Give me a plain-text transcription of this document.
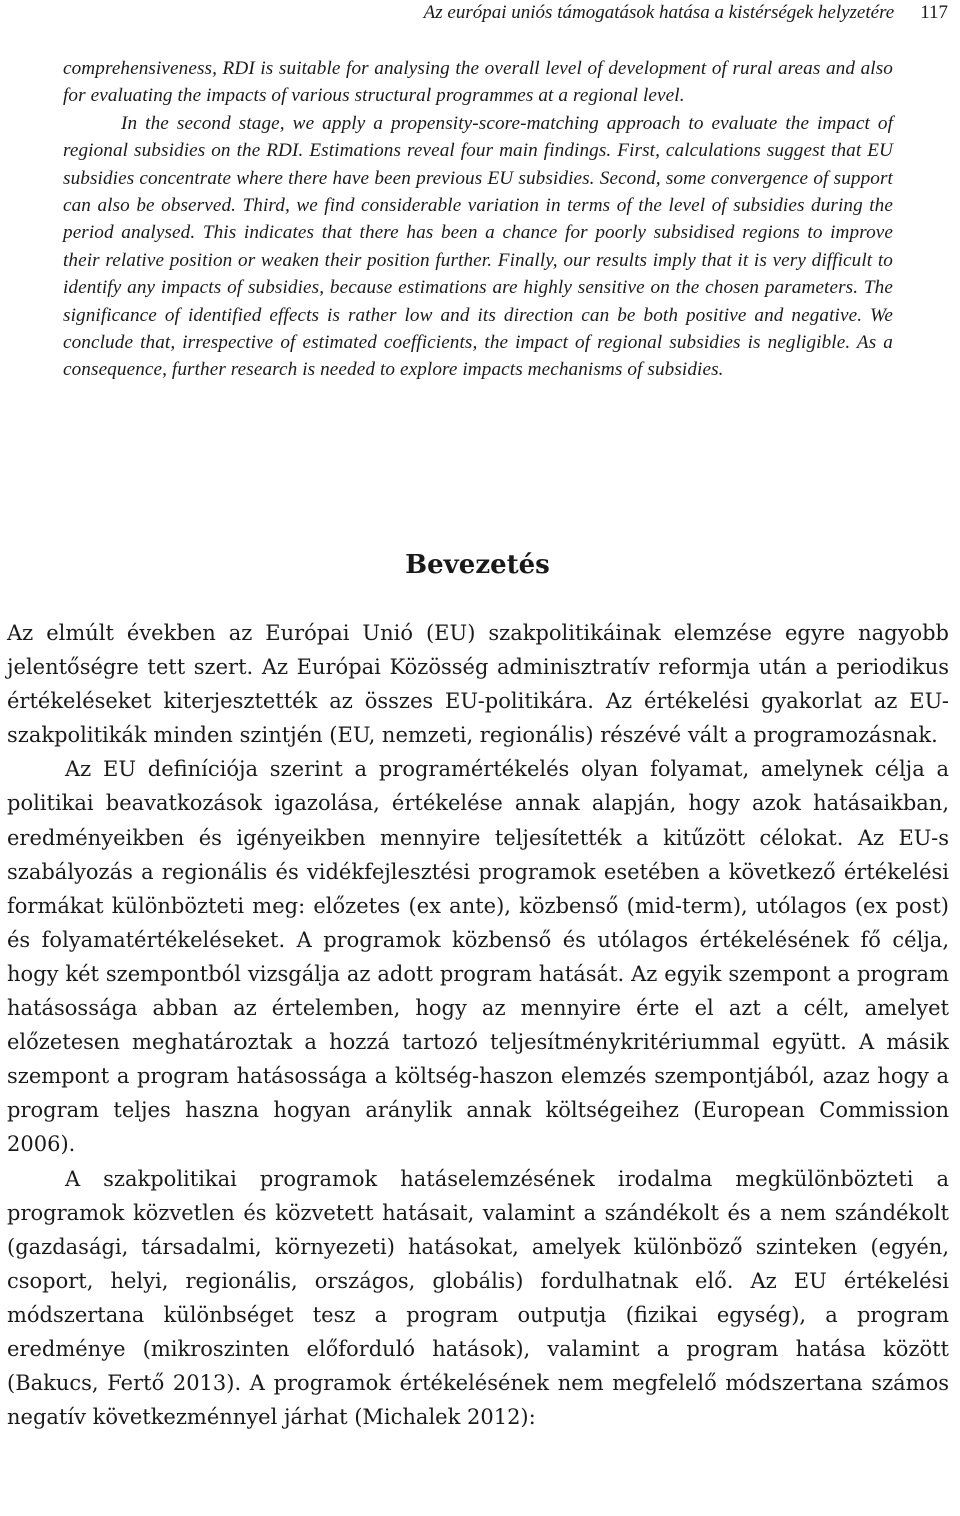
Az európai uniós támogatások hatása a kistérségek helyzetére 117

comprehensiveness, RDI is suitable for analysing the overall level of development of rural areas and also for evaluating the impacts of various structural programmes at a regional level.

In the second stage, we apply a propensity-score-matching approach to evaluate the impact of regional subsidies on the RDI. Estimations reveal four main findings. First, calculations suggest that EU subsidies concentrate where there have been previous EU subsidies. Second, some convergence of support can also be observed. Third, we find considerable variation in terms of the level of subsidies during the period analysed. This indicates that there has been a chance for poorly subsidised regions to improve their relative position or weaken their position further. Finally, our results imply that it is very difficult to identify any impacts of subsidies, because estimations are highly sensitive on the chosen parameters. The significance of identified effects is rather low and its direction can be both positive and negative. We conclude that, irrespective of estimated coefficients, the impact of regional subsidies is negligible. As a consequence, further research is needed to explore impacts mechanisms of subsidies.

Bevezetés

Az elmúlt években az Európai Unió (EU) szakpolitikáinak elemzése egyre nagyobb jelentőségre tett szert. Az Európai Közösség adminisztratív reformja után a periodikus értékeléseket kiterjesztették az összes EU-politikára. Az értékelési gyakorlat az EU-szakpolitikák minden szintjén (EU, nemzeti, regionális) részévé vált a programozásnak.

Az EU definíciója szerint a programértékelés olyan folyamat, amelynek célja a politikai beavatkozások igazolása, értékelése annak alapján, hogy azok hatásaikban, eredményeikben és igényeikben mennyire teljesítették a kitűzött célokat. Az EU-s szabályozás a regionális és vidékfejlesztési programok esetében a következő értékelési formákat különbözteti meg: előzetes (ex ante), közbenső (mid-term), utólagos (ex post) és folyamatértékeléseket. A programok közbenső és utólagos értékelésének fő célja, hogy két szempontból vizsgálja az adott program hatását. Az egyik szempont a program hatásossága abban az értelemben, hogy az mennyire érte el azt a célt, amelyet előzetesen meghatároztak a hozzá tartozó teljesítménykritériummal együtt. A másik szempont a program hatásossága a költség-haszon elemzés szempontjából, azaz hogy a program teljes haszna hogyan aránylik annak költségeihez (European Commission 2006).

A szakpolitikai programok hatáselemzésének irodalma megkülönbözteti a programok közvetlen és közvetett hatásait, valamint a szándékolt és a nem szándékolt (gazdasági, társadalmi, környezeti) hatásokat, amelyek különböző szinteken (egyén, csoport, helyi, regionális, országos, globális) fordulhatnak elő. Az EU értékelési módszertana különbséget tesz a program outputja (fizikai egység), a program eredménye (mikroszinten előforduló hatások), valamint a program hatása között (Bakucs, Fertő 2013). A programok értékelésének nem megfelelő módszertana számos negatív következménnyel járhat (Michalek 2012):
